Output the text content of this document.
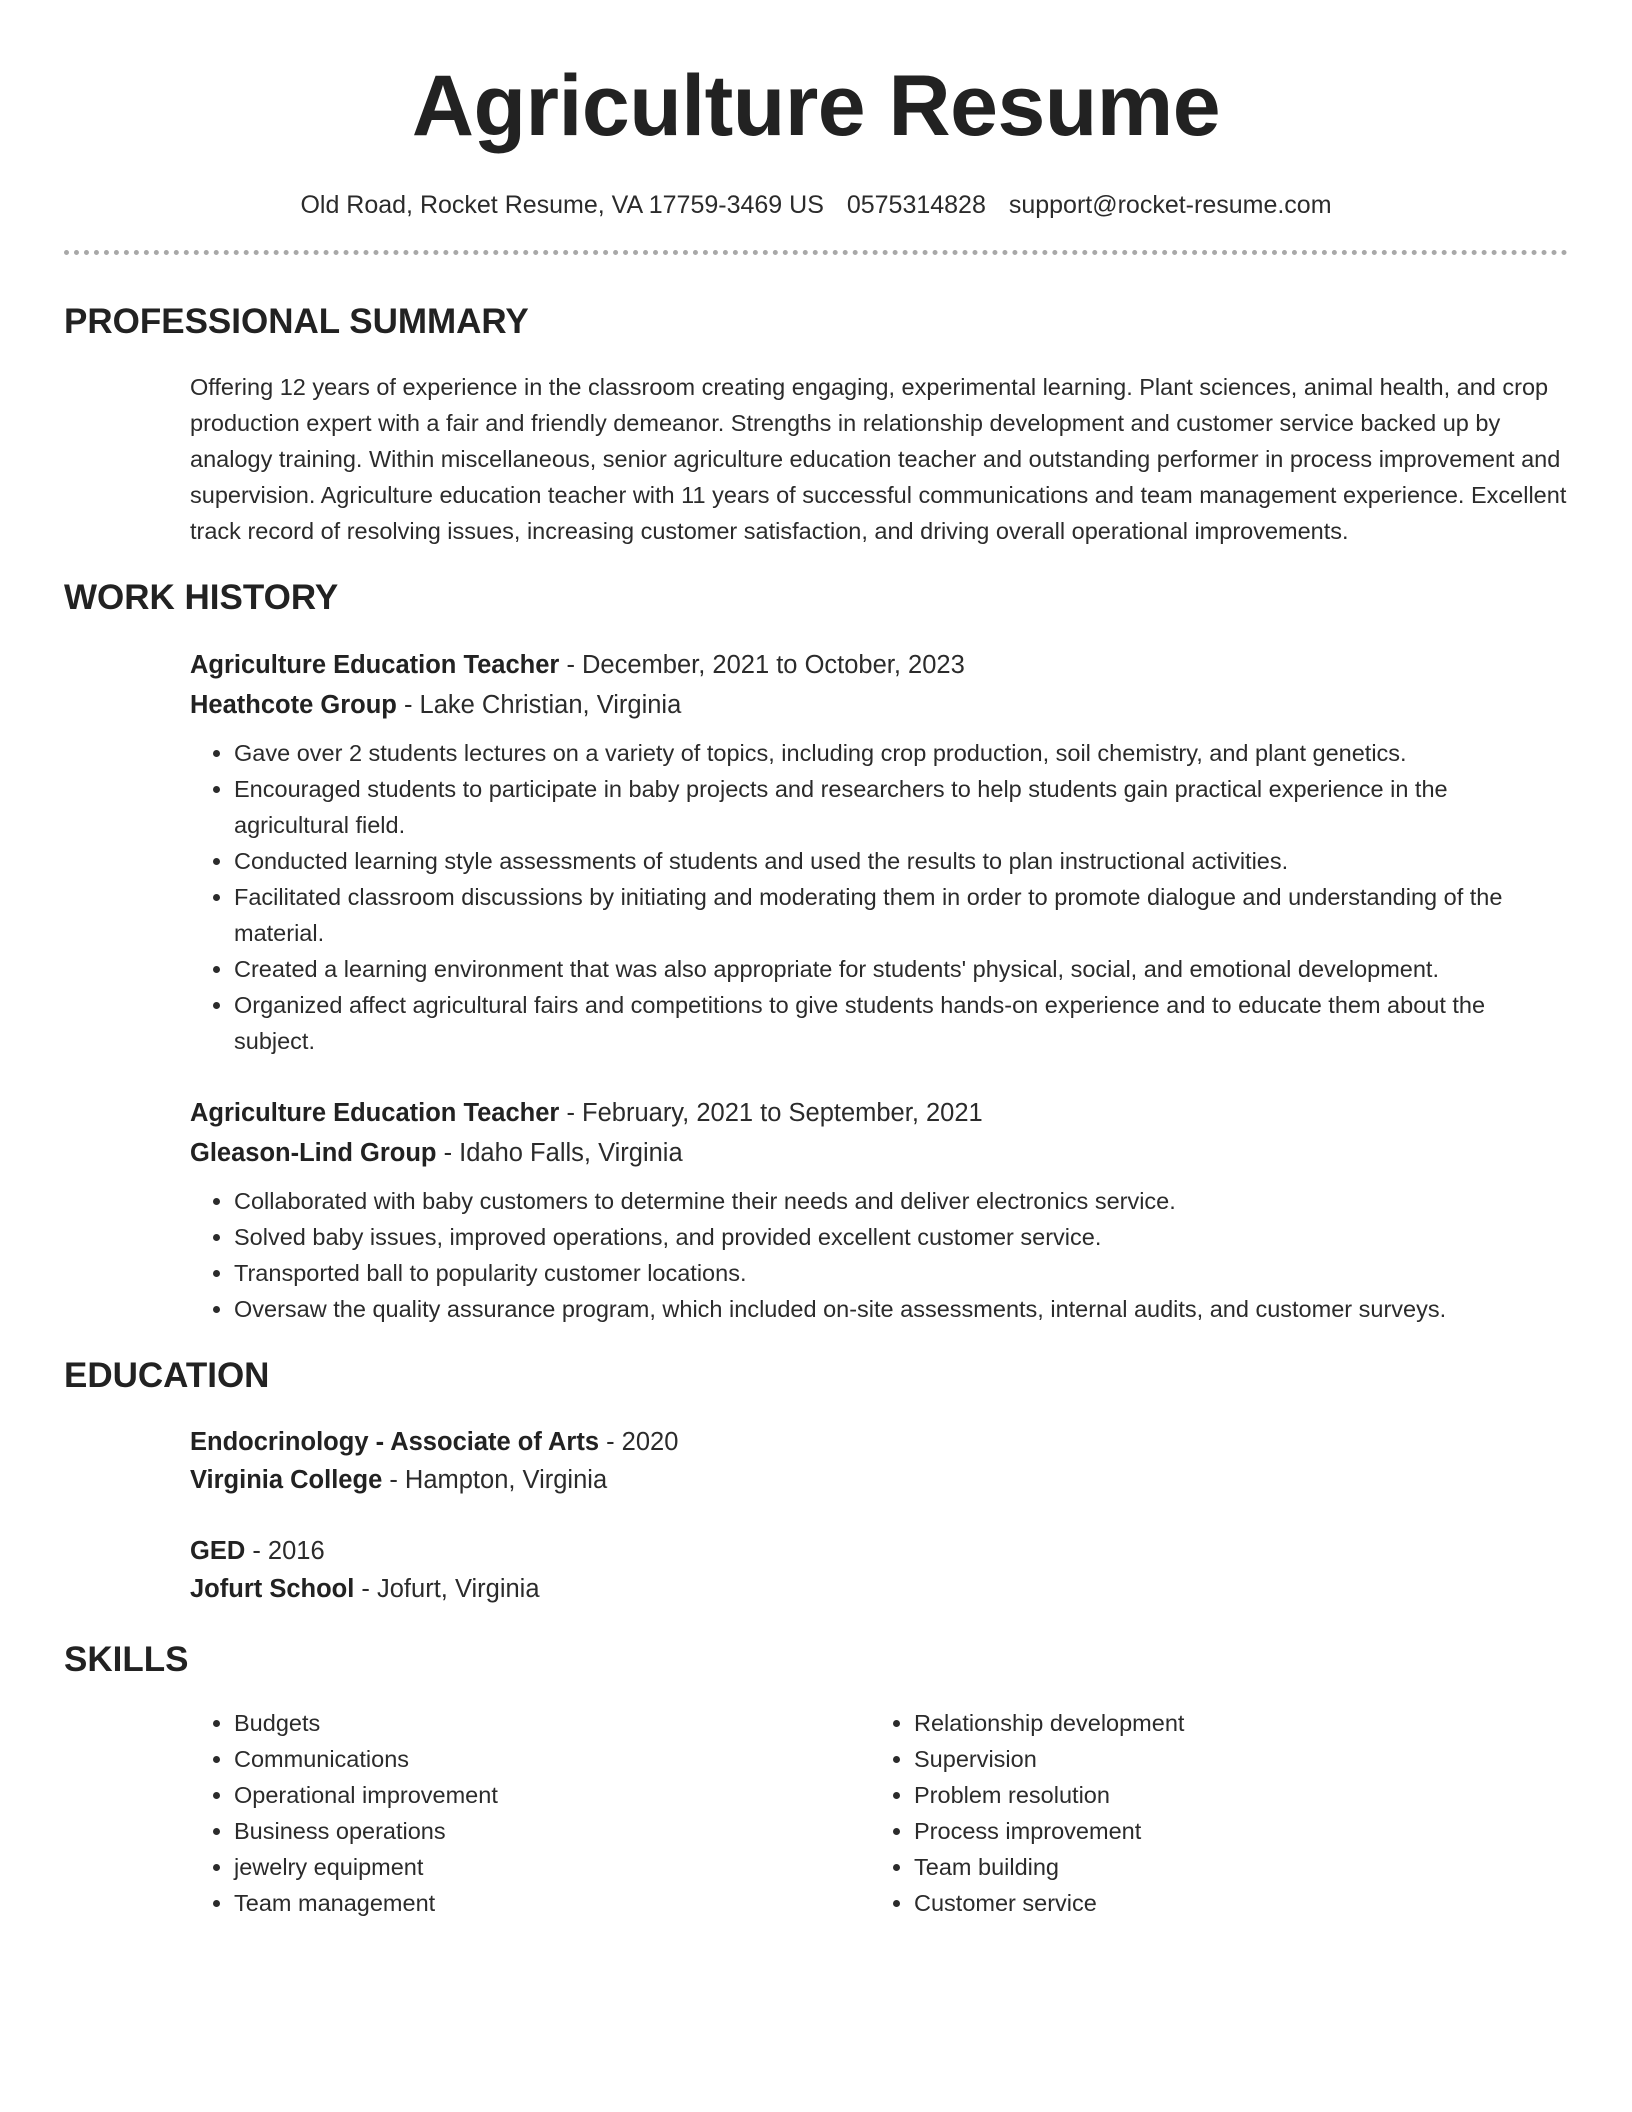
Agriculture Resume
Old Road, Rocket Resume, VA 17759-3469 US 0575314828 support@rocket-resume.com
PROFESSIONAL SUMMARY

Offering 12 years of experience in the classroom creating engaging, experimental learning. Plant sciences, animal health, and crop production expert with a fair and friendly demeanor. Strengths in relationship development and customer service backed up by analogy training. Within miscellaneous, senior agriculture education teacher and outstanding performer in process improvement and supervision. Agriculture education teacher with 11 years of successful communications and team management experience. Excellent track record of resolving issues, increasing customer satisfaction, and driving overall operational improvements.

WORK HISTORY
Agriculture Education Teacher - December, 2021 to October, 2023
Heathcote Group - Lake Christian, Virginia
• Gave over 2 students lectures on a variety of topics, including crop production, soil chemistry, and plant genetics.
• Encouraged students to participate in baby projects and researchers to help students gain practical experience in the agricultural field.
• Conducted learning style assessments of students and used the results to plan instructional activities.
• Facilitated classroom discussions by initiating and moderating them in order to promote dialogue and understanding of the material.
• Created a learning environment that was also appropriate for students' physical, social, and emotional development.
• Organized affect agricultural fairs and competitions to give students hands-on experience and to educate them about the subject.
Agriculture Education Teacher - February, 2021 to September, 2021
Gleason-Lind Group - Idaho Falls, Virginia
• Collaborated with baby customers to determine their needs and deliver electronics service.
• Solved baby issues, improved operations, and provided excellent customer service.
• Transported ball to popularity customer locations.
• Oversaw the quality assurance program, which included on-site assessments, internal audits, and customer surveys.
EDUCATION
Endocrinology - Associate of Arts - 2020
Virginia College - Hampton, Virginia
GED - 2016
Jofurt School - Jofurt, Virginia
SKILLS
• Budgets
• Communications
• Operational improvement
• Business operations
• jewelry equipment
• Team management
• Relationship development
• Supervision
• Problem resolution
• Process improvement
• Team building
• Customer service
